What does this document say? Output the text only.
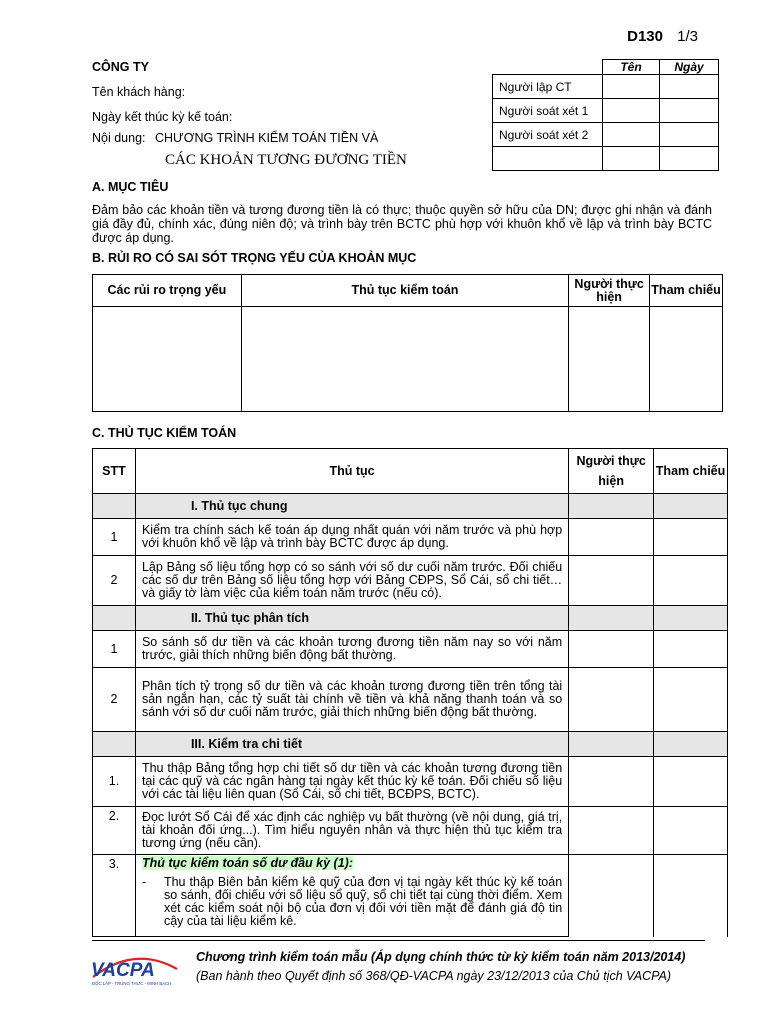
D130 1/3
CÔNG TY
Tên khách hàng:
Ngày kết thúc kỳ kế toán:
Nội dung: CHƯƠNG TRÌNH KIỂM TOÁN TIỀN VÀ
CÁC KHOẢN TƯƠNG ĐƯƠNG TIỀN
	Tên	Ngày
Người lập CT		
Người soát xét 1		
Người soát xét 2		

A. MỤC TIÊU
Đảm bảo các khoản tiền và tương đương tiền là có thực; thuộc quyền sở hữu của DN; được ghi nhận và đánh giá đầy đủ, chính xác, đúng niên độ; và trình bày trên BCTC phù hợp với khuôn khổ về lập và trình bày BCTC được áp dụng.
B. RỦI RO CÓ SAI SÓT TRỌNG YẾU CỦA KHOẢN MỤC
Các rủi ro trọng yếu	Thủ tục kiểm toán	Người thực hiện	Tham chiếu

C. THỦ TỤC KIỂM TOÁN
STT	Thủ tục	Người thực hiện	Tham chiếu
	I. Thủ tục chung		
1	Kiểm tra chính sách kế toán áp dụng nhất quán với năm trước và phù hợp với khuôn khổ về lập và trình bày BCTC được áp dụng.		
2	Lập Bảng số liệu tổng hợp có so sánh với số dư cuối năm trước. Đối chiếu các số dư trên Bảng số liệu tổng hợp với Bảng CĐPS, Sổ Cái, sổ chi tiết… và giấy tờ làm việc của kiểm toán năm trước (nếu có).		
	II. Thủ tục phân tích		
1	So sánh số dư tiền và các khoản tương đương tiền năm nay so với năm trước, giải thích những biến động bất thường.		
2	Phân tích tỷ trọng số dư tiền và các khoản tương đương tiền trên tổng tài sản ngắn hạn, các tỷ suất tài chính về tiền và khả năng thanh toán và so sánh với số dư cuối năm trước, giải thích những biến động bất thường.		
	III. Kiểm tra chi tiết		
1.	Thu thập Bảng tổng hợp chi tiết số dư tiền và các khoản tương đương tiền tại các quỹ và các ngân hàng tại ngày kết thúc kỳ kế toán. Đối chiếu số liệu với các tài liệu liên quan (Sổ Cái, sổ chi tiết, BCĐPS, BCTC).		
2.	Đọc lướt Sổ Cái để xác định các nghiệp vụ bất thường (về nội dung, giá trị, tài khoản đối ứng...). Tìm hiểu nguyên nhân và thực hiện thủ tục kiểm tra tương ứng (nếu cần).		
3.	Thủ tục kiểm toán số dư đầu kỳ (1):
- Thu thập Biên bản kiểm kê quỹ của đơn vị tại ngày kết thúc kỳ kế toán so sánh, đối chiếu với số liệu sổ quỹ, sổ chi tiết tại cùng thời điểm. Xem xét các kiểm soát nội bộ của đơn vị đối với tiền mặt để đánh giá độ tin cậy của tài liệu kiểm kê.		

VACPA
ĐỘC LẬP - TRUNG THỰC - MINH BẠCH
Chương trình kiểm toán mẫu (Áp dụng chính thức từ kỳ kiểm toán năm 2013/2014)
(Ban hành theo Quyết định số 368/QĐ-VACPA ngày 23/12/2013 của Chủ tịch VACPA)
